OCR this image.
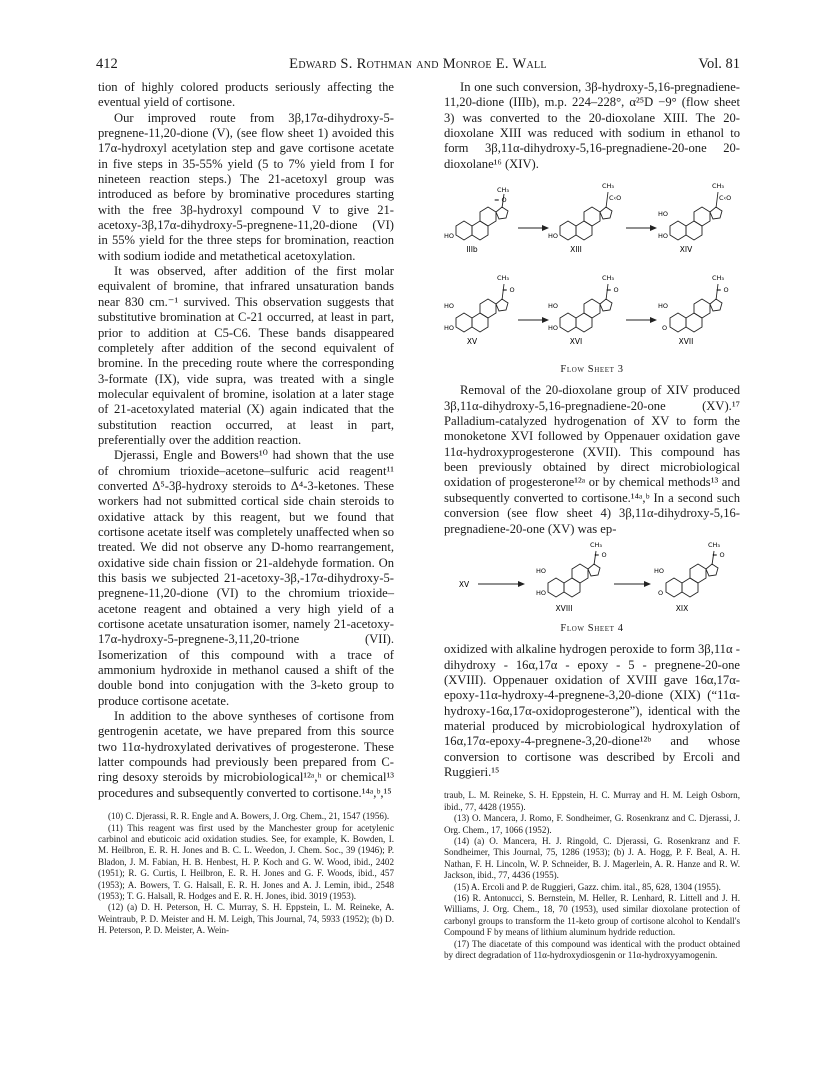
412	Edward S. Rothman and Monroe E. Wall	Vol. 81

tion of highly colored products seriously affecting the eventual yield of cortisone.

Our improved route from 3β,17α-dihydroxy-5-pregnene-11,20-dione (V), (see flow sheet 1) avoided this 17α-hydroxyl acetylation step and gave cortisone acetate in five steps in 35-55% yield (5 to 7% yield from I for nineteen reaction steps.) The 21-acetoxyl group was introduced as before by brominative procedures starting with the free 3β-hydroxyl compound V to give 21-acetoxy-3β,17α-dihydroxy-5-pregnene-11,20-dione (VI) in 55% yield for the three steps for bromination, reaction with sodium iodide and metathetical acetoxylation.

It was observed, after addition of the first molar equivalent of bromine, that infrared unsaturation bands near 830 cm.⁻¹ survived. This observation suggests that substitutive bromination at C-21 occurred, at least in part, prior to addition at C5-C6. These bands disappeared completely after addition of the second equivalent of bromine. In the preceding route where the corresponding 3-formate (IX), vide supra, was treated with a single molecular equivalent of bromine, isolation at a later stage of 21-acetoxylated material (X) again indicated that the substitution reaction occurred, at least in part, preferentially over the addition reaction.

Djerassi, Engle and Bowers¹⁰ had shown that the use of chromium trioxide–acetone–sulfuric acid reagent¹¹ converted Δ⁵-3β-hydroxy steroids to Δ⁴-3-ketones. These workers had not submitted cortical side chain steroids to oxidative attack by this reagent, but we found that cortisone acetate itself was completely unaffected when so treated. We did not observe any D-homo rearrangement, oxidative side chain fission or 21-aldehyde formation. On this basis we subjected 21-acetoxy-3β,-17α-dihydroxy-5-pregnene-11,20-dione (VI) to the chromium trioxide–acetone reagent and obtained a very high yield of a cortisone acetate unsaturation isomer, namely 21-acetoxy-17α-hydroxy-5-pregnene-3,11,20-trione (VII). Isomerization of this compound with a trace of ammonium hydroxide in methanol caused a shift of the double bond into conjugation with the 3-keto group to produce cortisone acetate.

In addition to the above syntheses of cortisone from gentrogenin acetate, we have prepared from this source two 11α-hydroxylated derivatives of progesterone. These latter compounds had previously been prepared from C-ring desoxy steroids by microbiological¹²ᵃ,ʰ or chemical¹³ procedures and subsequently converted to cortisone.¹⁴ᵃ,ᵇ,¹⁵

(10) C. Djerassi, R. R. Engle and A. Bowers, J. Org. Chem., 21, 1547 (1956).

(11) This reagent was first used by the Manchester group for acetylenic carbinol and ebuticoic acid oxidation studies. See, for example, K. Bowden, I. M. Heilbron, E. R. H. Jones and B. C. L. Weedon, J. Chem. Soc., 39 (1946); P. Bladon, J. M. Fabian, H. B. Henbest, H. P. Koch and G. W. Wood, ibid., 2402 (1951); R. G. Curtis, I. Heilbron, E. R. H. Jones and G. F. Woods, ibid., 457 (1953); A. Bowers, T. G. Halsall, E. R. H. Jones and A. J. Lemin, ibid., 2548 (1953); T. G. Halsall, R. Hodges and E. R. H. Jones, ibid. 3019 (1953).

(12) (a) D. H. Peterson, H. C. Murray, S. H. Eppstein, L. M. Reineke, A. Weintraub, P. D. Meister and H. M. Leigh, This Journal, 74, 5933 (1952); (b) D. H. Peterson, P. D. Meister, A. Wein-

In one such conversion, 3β-hydroxy-5,16-pregnadiene-11,20-dione (IIIb), m.p. 224–228°, α²⁵D −9° (flow sheet 3) was converted to the 20-dioxolane XIII. The 20-dioxolane XIII was reduced with sodium in ethanol to form 3β,11α-dihydroxy-5,16-pregnadiene-20-one 20-dioxolane¹⁶ (XIV).

CH₃
= O
HO
CH₃
C‹O
HO
CH₃
C‹O
HO
HO
IIIb	XIII	XIV
CH₃
= O
HO
HO
CH₃
= O
HO
HO
CH₃
= O
HO
O
XV	XVI	XVII
Flow Sheet 3

Removal of the 20-dioxolane group of XIV produced 3β,11α-dihydroxy-5,16-pregnadiene-20-one (XV).¹⁷ Palladium-catalyzed hydrogenation of XV to form the monoketone XVI followed by Oppenauer oxidation gave 11α-hydroxyprogesterone (XVII). This compound has been previously obtained by direct microbiological oxidation of progesterone¹²ᵃ or by chemical methods¹³ and subsequently converted to cortisone.¹⁴ᵃ,ᵇ In a second such conversion (see flow sheet 4) 3β,11α-dihydroxy-5,16-pregnadiene-20-one (XV) was ep-

XV
CH₃
= O
HO
HO
CH₃
= O
HO
O
XVIII	XIX
Flow Sheet 4

oxidized with alkaline hydrogen peroxide to form 3β,11α - dihydroxy - 16α,17α - epoxy - 5 - pregnene-20-one (XVIII). Oppenauer oxidation of XVIII gave 16α,17α-epoxy-11α-hydroxy-4-pregnene-3,20-dione (XIX) (“11α-hydroxy-16α,17α-oxidoprogesterone”), identical with the material produced by microbiological hydroxylation of 16α,17α-epoxy-4-pregnene-3,20-dione¹²ᵇ and whose conversion to cortisone was described by Ercoli and Ruggieri.¹⁵

traub, L. M. Reineke, S. H. Eppstein, H. C. Murray and H. M. Leigh Osborn, ibid., 77, 4428 (1955).

(13) O. Mancera, J. Romo, F. Sondheimer, G. Rosenkranz and C. Djerassi, J. Org. Chem., 17, 1066 (1952).

(14) (a) O. Mancera, H. J. Ringold, C. Djerassi, G. Rosenkranz and F. Sondheimer, This Journal, 75, 1286 (1953); (b) J. A. Hogg, P. F. Beal, A. H. Nathan, F. H. Lincoln, W. P. Schneider, B. J. Magerlein, A. R. Hanze and R. W. Jackson, ibid., 77, 4436 (1955).

(15) A. Ercoli and P. de Ruggieri, Gazz. chim. ital., 85, 628, 1304 (1955).

(16) R. Antonucci, S. Bernstein, M. Heller, R. Lenhard, R. Littell and J. H. Williams, J. Org. Chem., 18, 70 (1953), used similar dioxolane protection of carbonyl groups to transform the 11-keto group of cortisone alcohol to Kendall's Compound F by means of lithium aluminum hydride reduction.

(17) The diacetate of this compound was identical with the product obtained by direct degradation of 11α-hydroxydiosgenin or 11α-hydroxyyamogenin.
